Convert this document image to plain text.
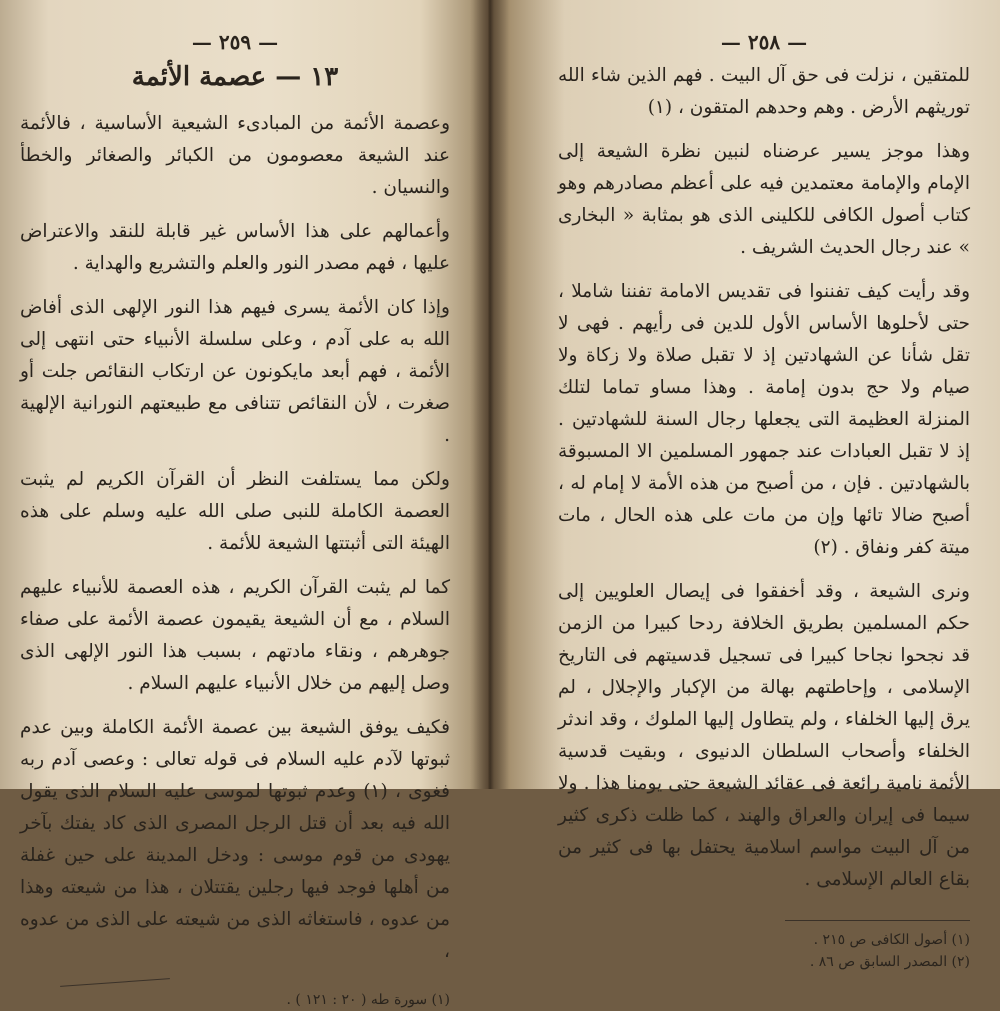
— ٢٥٩ —
١٣ — عصمة الأئمة

وعصمة الأئمة من المبادىء الشيعية الأساسية ، فالأئمة عند الشيعة معصومون من الكبائر والصغائر والخطأ والنسيان .

وأعمالهم على هذا الأساس غير قابلة للنقد والاعتراض عليها ، فهم مصدر النور والعلم والتشريع والهداية .

وإذا كان الأئمة يسرى فيهم هذا النور الإلهى الذى أفاض الله به على آدم ، وعلى سلسلة الأنبياء حتى انتهى إلى الأئمة ، فهم أبعد مايكونون عن ارتكاب النقائص جلت أو صغرت ، لأن النقائص تتنافى مع طبيعتهم النورانية الإلهية .

ولكن مما يستلفت النظر أن القرآن الكريم لم يثبت العصمة الكاملة للنبى صلى الله عليه وسلم على هذه الهيئة التى أثبتتها الشيعة للأئمة .

كما لم يثبت القرآن الكريم ، هذه العصمة للأنبياء عليهم السلام ، مع أن الشيعة يقيمون عصمة الأئمة على صفاء جوهرهم ، ونقاء مادتهم ، بسبب هذا النور الإلهى الذى وصل إليهم من خلال الأنبياء عليهم السلام .

فكيف يوفق الشيعة بين عصمة الأئمة الكاملة وبين عدم ثبوتها لآدم عليه السلام فى قوله تعالى : وعصى آدم ربه فغوى ، (١) وعدم ثبوتها لموسى عليه السلام الذى يقول الله فيه بعد أن قتل الرجل المصرى الذى كاد يفتك بآخر يهودى من قوم موسى : ودخل المدينة على حين غفلة من أهلها فوجد فيها رجلين يقتتلان ، هذا من شيعته وهذا من عدوه ، فاستغاثه الذى من شيعته على الذى من عدوه ،

(١) سورة طه ( ٢٠ : ١٢١ ) .

— ٢٥٨ —

للمتقين ، نزلت فى حق آل البيت . فهم الذين شاء الله توريثهم الأرض . وهم وحدهم المتقون ، (١)

وهذا موجز يسير عرضناه لنبين نظرة الشيعة إلى الإمام والإمامة معتمدين فيه على أعظم مصادرهم وهو كتاب أصول الكافى للكلينى الذى هو بمثابة « البخارى » عند رجال الحديث الشريف .

وقد رأيت كيف تفننوا فى تقديس الامامة تفننا شاملا ، حتى لأحلوها الأساس الأول للدين فى رأيهم . فهى لا تقل شأنا عن الشهادتين إذ لا تقبل صلاة ولا زكاة ولا صيام ولا حج بدون إمامة . وهذا مساو تماما لتلك المنزلة العظيمة التى يجعلها رجال السنة للشهادتين . إذ لا تقبل العبادات عند جمهور المسلمين الا المسبوقة بالشهادتين . فإن ، من أصبح من هذه الأمة لا إمام له ، أصبح ضالا تائها وإن من مات على هذه الحال ، مات ميتة كفر ونفاق . (٢)

ونرى الشيعة ، وقد أخفقوا فى إيصال العلويين إلى حكم المسلمين بطريق الخلافة ردحا كبيرا من الزمن قد نجحوا نجاحا كبيرا فى تسجيل قدسيتهم فى التاريخ الإسلامى ، وإحاطتهم بهالة من الإكبار والإجلال ، لم يرق إليها الخلفاء ، ولم يتطاول إليها الملوك ، وقد اندثر الخلفاء وأصحاب السلطان الدنيوى ، وبقيت قدسية الأئمة نامية رائعة فى عقائد الشيعة حتى يومنا هذا . ولا سيما فى إيران والعراق والهند ، كما ظلت ذكرى كثير من آل البيت مواسم اسلامية يحتفل بها فى كثير من بقاع العالم الإسلامى .

(١) أصول الكافى ص ٢١٥ .

(٢) المصدر السابق ص ٨٦ .
